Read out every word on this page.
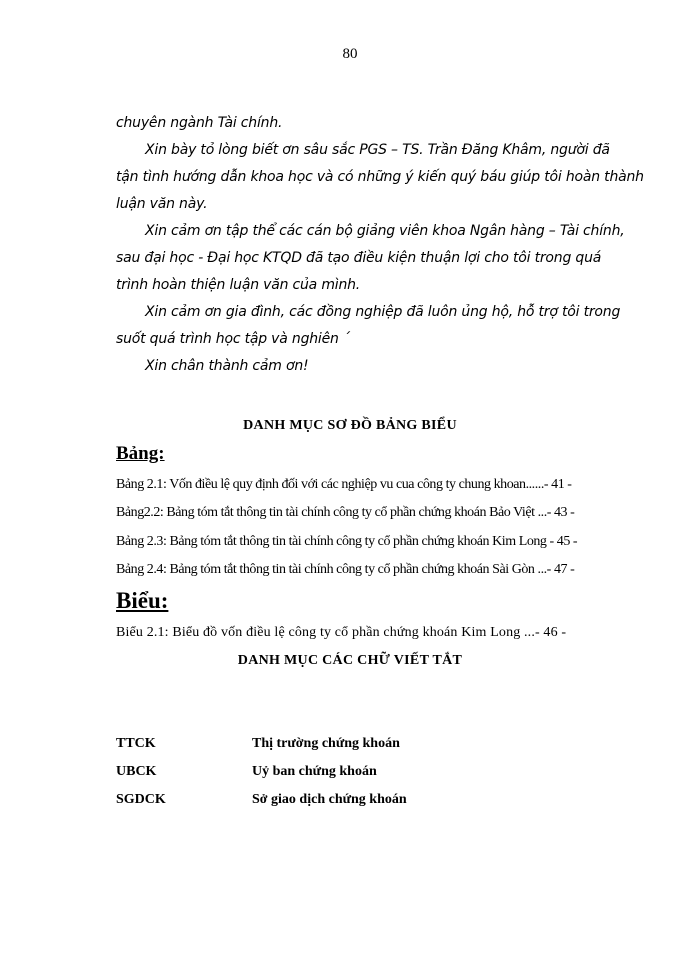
80

chuyên ngành Tài chính.

Xin bày tỏ lòng biết ơn sâu sắc PGS – TS. Trần Đăng Khâm, người đã

tận tình hướng dẫn khoa học và có những ý kiến quý báu giúp tôi hoàn thành

luận văn này.

Xin cảm ơn tập thể các cán bộ giảng viên khoa Ngân hàng – Tài chính,

sau đại học - Đại học KTQD đã tạo điều kiện thuận lợi cho tôi trong quá

trình hoàn thiện luận văn của mình.

Xin cảm ơn gia đình, các đồng nghiệp đã luôn ủng hộ, hỗ trợ tôi trong

suốt quá trình học tập và nghiên ´

Xin chân thành cảm ơn!

DANH MỤC SƠ ĐỒ BẢNG BIỂU
Bảng:
Bảng 2.1: Vốn điều lệ quy định đối với các nghiệp vu cua công ty chung khoan......- 41 -
Bảng2.2: Bảng tóm tắt thông tin tài chính công ty cổ phần chứng khoán Bảo Việt ...- 43 -
Bảng 2.3: Bảng tóm tắt thông tin tài chính công ty cổ phần chứng khoán Kim Long - 45 -
Bảng 2.4: Bảng tóm tắt thông tin tài chính công ty cổ phần chứng khoán Sài Gòn ...- 47 -
Biểu:
Biểu 2.1: Biểu đồ vốn điều lệ công ty cổ phần chứng khoán Kim Long ...- 46 -
DANH MỤC CÁC CHỮ VIẾT TẮT
TTCK	Thị trường chứng khoán
UBCK	Uỷ ban chứng khoán
SGDCK	Sở giao dịch chứng khoán
